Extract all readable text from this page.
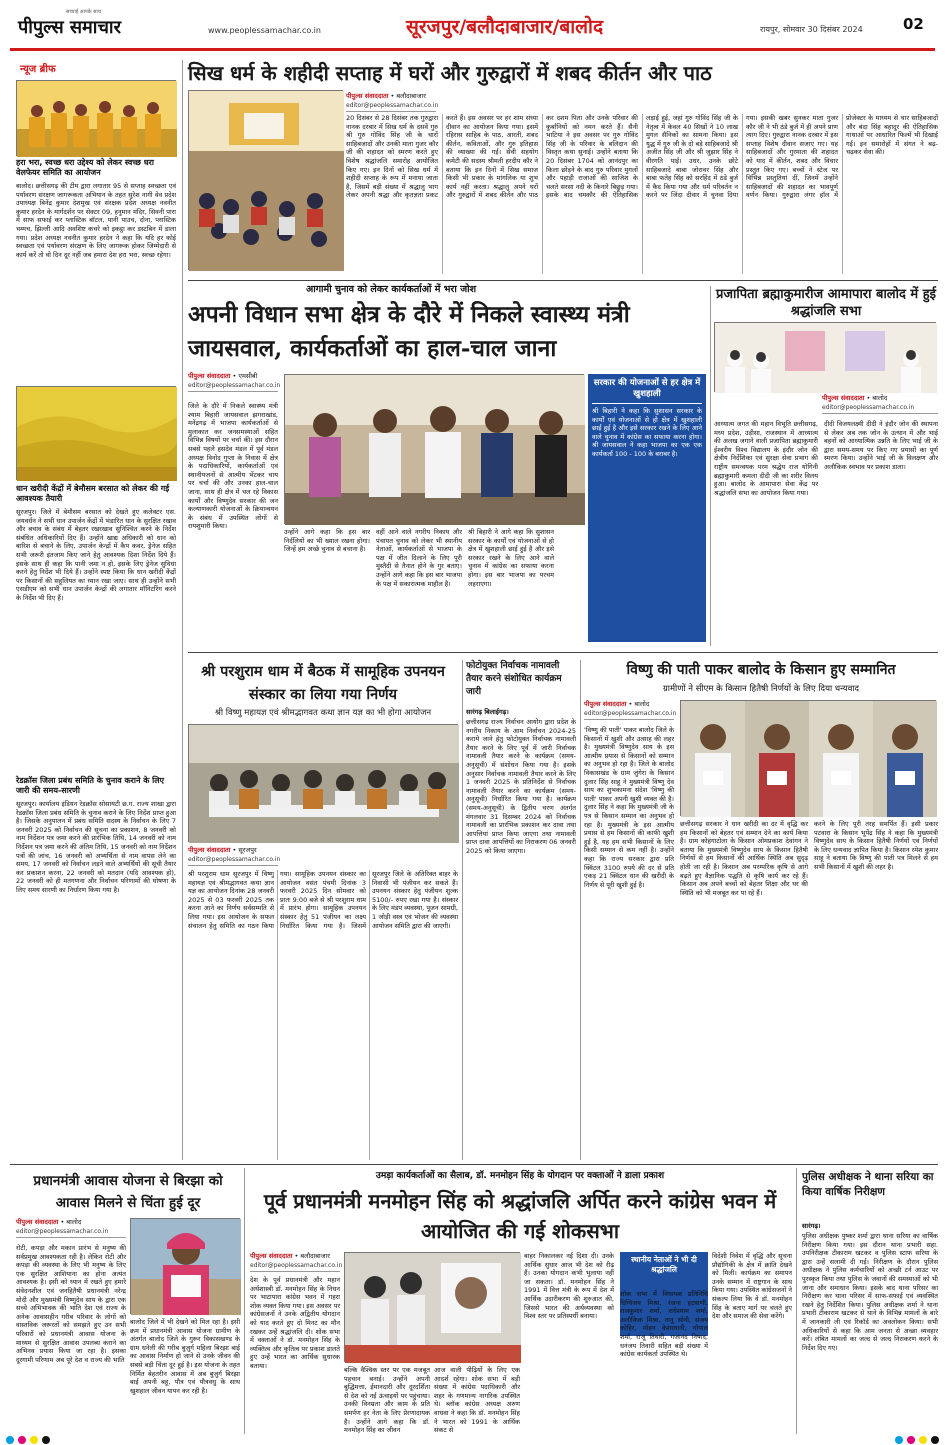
सच्चाई आपके साथ
पीपुल्स समाचार	www.peoplessamachar.co.in	सूरजपुर/बलौदाबाजार/बालोद	रायपुर, सोमवार 30 दिसंबर 2024	02
न्यूज ब्रीफ
हरा भरा, स्वच्छ धरा उद्देश्य को लेकर स्वच्छ धरा वेलफेयर समिति का आयोजन
बालोद। छत्तीसगढ़ की टीम द्वारा लगातार 95 से सप्ताह स्वच्छता एवं पर्यावरण संरक्षण जागरूकता अभियान के तहत सुरेश नागी वेव प्रदेश उपाध्यक्ष बिनेंद्र कुमार देशमुख एवं संरक्षक प्रदेश अध्यक्ष नवनीत कुमार हरदेन के मार्गदर्शन पर सेक्टर 09, हनुमान मंदिर, सिवनी पारा में साफ सफाई कर प्लास्टिक बॉटल, पानी पाउच, दोना, प्लास्टिक चम्मच, झिल्ली आदि अवशिष्ट कचरे को इकट्ठा कर डस्टबिन में डाला गया। प्रदेश अध्यक्ष नवनीत कुमार हरदेन ने कहा कि यदि हर कोई स्वच्छता एवं पर्यावरण संरक्षण के लिए जागरूक होकर जिम्मेदारी से कार्य करें तो वो दिन दूर नहीं जब हमारा देश हरा भरा, स्वच्छ रहेगा।
धान खरीदी केंद्रों में बेमौसम बरसात को लेकर की गई आवश्यक तैयारी
सूरजपुर। जिले में बेमौसम बरसात को देखते हुए कलेक्टर एस. जयवर्धन ने सभी धान उपार्जन केंद्रों में भंडारित धान के सुरक्षित रखाव और बचाव के संबंध में बेहतर रखरखाव सुनिश्चित करने के निर्देश संबंधित अधिकारियों दिए हैं। उन्होंने खाद्य अधिकारी को धान को बारिश से बचाने के लिए, उपार्जन केन्द्रों में कैप कवर, ड्रेनेज सहित सभी जरूरी इंतजाम किए जाने हेतु आवश्यक दिशा निर्देश दिये हैं। इसके साथ ही कहा कि पानी जमा न हो, इसके लिए ड्रेनेज सुविधा करने हेतु निर्देश भी दिये हैं। उन्होंने स्पष्ट किया कि धान खरीदी केंद्रों पर किसानों की सहूलियत का ध्यान रखा जाए। साथ ही उन्होंने सभी एसडीएम को सभी धान उपार्जन केन्द्रों की लगातार मॉनिटरिंग करने के निर्देश भी दिए हैं।
रेडक्रॉस जिला प्रबंध समिति के चुनाव कराने के लिए जारी की समय-सारणी
सूरजपुर। कार्यालय इंडियन रेडक्रॉस सोसायटी छ.ग. राज्य शाखा द्वारा रेडक्रॉस जिला प्रबंध समिति के चुनाव कराने के लिए निर्देश प्राप्त हुआ है। जिसके अनुपालन में प्रबंध समिति सदस्य के निर्वाचन के लिए 7 जनवरी 2025 को निर्वाचन की सूचना का प्रकाशन, 8 जनवरी को नाम निर्देशन पत्र जमा करने की प्रारंभिक तिथि, 14 जनवरी को नाम निर्देशन पत्र जमा करने की अंतिम तिथि, 15 जनवरी को नाम निर्देशन पत्रों की जांच, 16 जनवरी को अभ्यर्थिता से नाम वापस लेने का समय, 17 जनवरी को निर्वाचन लड़ने वाले अभ्यर्थियों की सूची तैयार कर प्रकाशन करना, 22 जनवरी को मतदान (यदि आवश्यक हो), 22 जनवरी को ही मतगणना और निर्वाचन परिणामों की घोषणा के लिए समय सारणी का निर्धारण किया गया है।
सिख धर्म के शहीदी सप्ताह में घरों और गुरुद्वारों में शबद कीर्तन और पाठ
पीपुल्स संवाददाता • बलौदाबाजार
editor@peoplessamachar.co.in
20 दिसंबर से 28 दिसंबर तक गुरुद्वारा नानक दरबार में सिख धर्म के दसवें गुरु श्री गुरु गोविंद सिंह जी के चारों साहिबजादों और उनकी माता गुजर कौर जी की शहादत को स्मरण करते हुए विशेष श्रद्धांजलि समारोह आयोजित किए गए। इन दिनों को सिख धर्म में शहीदी सप्ताह के रूप में मनाया जाता है, जिसमें बड़ी संख्या में श्रद्धालु भाग लेकर अपनी श्रद्धा और कृतज्ञता प्रकट करते हैं। इस अवसर पर हर शाम संध्या दीवान का आयोजन किया गया। इसमें रहिरास साहिब के पाठ, आरती, शबद कीर्तन, कविताओं, और गुरु इतिहास की व्याख्या की गई। सेवी सहयोग कमेटी की सदस्य श्रीमती हरदीप कौर ने बताया कि इन दिनों में सिख समाज किसी भी प्रकार के मांगलिक या शुभ कार्य नहीं करता। श्रद्धालु अपने घरों और गुरुद्वारों में शबद कीर्तन और पाठ कर दशम पिता और उनके परिवार की कुर्बानियों को नमन करते हैं। सैनी भाटिया ने इस अवसर पर गुरु गोविंद सिंह जी के परिवार के बलिदान की विस्तृत कथा सुनाई। उन्होंने बताया कि 20 दिसंबर 1704 को आनंदपुर का किला छोड़ने के बाद गुरु परिवार मुगलों और पहाड़ी राजाओं की साजिश के चलते सरसा नदी के किनारे बिछुड़ गया। इसके बाद चमकौर की ऐतिहासिक लड़ाई हुई, जहां गुरु गोविंद सिंह जी के नेतृत्व में केवल 40 सिखों ने 10 लाख मुगल सैनिकों का सामना किया। इस युद्ध में गुरु जी के दो बड़े साहिबजादे श्री अजीत सिंह जी और श्री जुझार सिंह ने वीरगति पाई। उधर, उनके छोटे साहिबजादे बाबा जोरावर सिंह और बाबा फतेह सिंह को सरहिंद में ठंडे बुर्ज में कैद किया गया और धर्म परिवर्तन न करने पर जिंदा दीवार में चुनवा दिया गया। इसकी खबर सुनकर माता गुजर कौर जी ने भी ठंडे बुर्ज में ही अपने प्राण त्याग दिए। गुरुद्वारा नानक दरबार में इस सप्ताह विशेष दीवान सजाए गए। यह साहिबजादों और गुरमाता की शहादत को याद में कीर्तन, शबद और विचार प्रस्तुत किए गए। बच्चों ने स्टेज पर विभिन्न प्रस्तुतियां दीं, जिनमें उन्होंने साहिबजादों की शहादत का भावपूर्ण वर्णन किया। गुरुद्वारा लंगर हॉल में प्रोजेक्टर के माध्यम से चार साहिबजादों और बंदा सिंह बहादुर की ऐतिहासिक गाथाओं पर आधारित फिल्में भी दिखाई गई। इन समारोहों में संगत ने बढ़-चढ़कर सेवा की।
आगामी चुनाव को लेकर कार्यकर्ताओं में भरा जोश
अपनी विधान सभा क्षेत्र के दौरे में निकले स्वास्थ्य मंत्री जायसवाल, कार्यकर्ताओं का हाल-चाल जाना
पीपुल्स संवाददाता • एमसीबी
editor@peoplessamachar.co.in
जिले के दौरे में निकले स्वास्थ्य मंत्री श्याम बिहारी जायसवाल झगराखांड, मनेंद्रगढ़ में भाजपा कार्यकर्ताओं से मुलाकात कर जनसमस्याओं सहित विभिन्न विषयों पर चर्चा की। इस दौरान सबसे पहले हसदेव मंडल में पूर्व मंडल अध्यक्ष विनोद गुप्ता के निवास में क्षेत्र के पदाधिकारियों, कार्यकर्ताओं एवं स्थानीयजनों से आत्मीय भेंटकर चाय पर चर्चा की और उनका हाल-चाल जाना, साथ ही क्षेत्र में चल रहे विकास कार्यों और विष्णुदेव सरकार की जन कल्याणकारी योजनाओं के क्रियान्वयन के संबंध में उपस्थित लोगों से रायशुमारी किया।
उन्होंने आगे कहा कि इस बार निर्दलियों का भी ख्याल रखना होगा। जिन्हें हम अच्छे चुनाव से बचाना है।
वहीं आने वाले नगरीय निकाय और पंचायत चुनाव को लेकर भी स्थानीय नेताओं, कार्यकर्ताओं से भाजपा के पक्ष में जीत दिलाने के लिए पूरी मुस्तैदी से तैनात होने के गुर बताए। उन्होंने आगे कहा कि इस बार भाजपा के पक्ष में सकारात्मक माहौल है।
श्री बिहारी ने आगे कहा कि सुशासन सरकार के कार्यों एवं योजनाओं से हो क्षेत्र में खुशहाली छाई हुई है और इसे सरकार रखने के लिए आने वाले चुनाव में कांग्रेस का सफाया करना होगा। इस बार भाजपा का परचम लहराएगा।
सरकार की योजनाओं से हर क्षेत्र में खुशहाली
श्री बिहारी ने कहा कि सुशासन सरकार के कार्यों एवं योजनाओं से हो क्षेत्र में खुशहाली छाई हुई है और इसे सरकार रखने के लिए आने वाले चुनाव में कांग्रेस का सफाया करना होगा। श्री जायसवाल ने कहा भाजपा का एक एक कार्यकर्ता 100 - 100 के बराबर है।
प्रजापिता ब्रह्माकुमारीज आमापारा बालोद में हुई श्रद्धांजलि सभा
पीपुल्स संवाददाता • बालोद
editor@peoplessamachar.co.in
आध्यात्म जगत की महान विभूति छत्तीसगढ़, मध्य प्रदेश, उड़ीसा, राजस्थान में आध्यात्म की अलख जगाने वाली प्रजापिता ब्रह्माकुमारी ईश्वरीय विश्व विद्यालय के इंदौर जोन की क्षेत्रीय निर्देशिका एवं सुरक्षा सेवा प्रभाग की राष्ट्रीय समन्वयक परम श्रद्धेय राज योगिनी ब्रह्माकुमारी कमला दीदी जी का शरीर विलय हुआ। बालोद के आमापारा सेवा केंद्र पर श्रद्धांजलि सभा का आयोजन किया गया।
दीदी विजयलक्ष्मी दीदी ने इंदौर जोन की स्थापना से लेकर अब तक जोन के उत्थान में और भाई बहनों को आध्यात्मिक उन्नति के लिए भाई जी के द्वारा समय-समय पर किए गए प्रयासों का पूर्ण स्मरण किया। उन्होंने भाई जी के विलक्षण और अलौकिक स्वभाव पर प्रकाश डाला।
श्री परशुराम धाम में बैठक में सामूहिक उपनयन संस्कार का लिया गया निर्णय
श्री विष्णु महायज्ञ एवं श्रीमद्भागवत कथा ज्ञान यज्ञ का भी होगा आयोजन
पीपुल्स संवाददाता • सूरजपुर
editor@peoplessamachar.co.in
श्री परशुराम धाम सूरजपुर में विष्णु महायज्ञ एवं श्रीमद्भागवत कथा ज्ञान यज्ञ का आयोजन दिनांक 28 जनवरी 2025 से 03 फरवरी 2025 तक करना आने का निर्णय सर्वसम्मति से लिया गया। इस आयोजन के सफल संचालन हेतु समिति का गठन किया गया। सामूहिक उपनयन संस्कार का आयोजन वसंत पंचमी दिनांक 3 फरवरी 2025 दिन सोमवार को प्रातः 9:00 बजे से श्री परशुराम धाम में प्रारंभ होगा। सामूहिक उपनयन संस्कार हेतु 51 पंजीयन का लक्ष्य निर्धारित किया गया है। जिसमें सूरजपुर जिले के अतिरिक्त बाहर के निवासी भी पंजीयन कर सकते हैं। उपनयन संस्कार हेतु पंजीयन शुल्क 5100/- रुपए रखा गया है। संस्कार के लिए मंडप व्यवस्था, पूजन सामग्री, 1 जोड़ी वस्त्र एवं भोजन की व्यवस्था आयोजन समिति द्वारा की जाएगी।
फोटोयुक्त निर्वाचक नामावली तैयार करने संशोधित कार्यक्रम जारी
सारंगढ़ बिलाईगढ़।
छत्तीसगढ़ राज्य निर्वाचन आयोग द्वारा प्रदेश के नगरीय निकाय के आम निर्वाचन 2024-25 कराये जाने हेतु फोटोयुक्त निर्वाचक नामावली तैयार करने के लिए पूर्व में जारी निर्वाचक नामावली तैयार करने के कार्यक्रम (समय-अनुसूची) में संशोधन किया गया है। इसके अनुसार निर्वाचक नामावली तैयार करने के लिए 1 जनवरी 2025 के प्रतिनिर्देश से निर्वाचक नामावली तैयार करने का कार्यक्रम (समय-अनुसूची) निर्धारित किया गया है। कार्यक्रम (समय-अनुसूची) के द्वितीय चरण अंतर्गत मंगलवार 31 दिसम्बर 2024 को निर्वाचक नामावली का प्रारंभिक प्रकाशन कर दावा तथा आपत्तियां प्राप्त किया जाएगा तथा नामावली प्राप्त दावा आपत्तियों का निराकरण 06 जनवरी 2025 को किया जाएगा।
विष्णु की पाती पाकर बालोद के किसान हुए सम्मानित
ग्रामीणों ने सीएम के किसान हितैषी निर्णयों के लिए दिया धन्यवाद
पीपुल्स संवाददाता • बालोद
editor@peoplessamachar.co.in
'विष्णु की पाती' पाकर बालोद जिले के किसानों में खुशी और उत्साह की लहर है। मुख्यमंत्री विष्णुदेव साय के इस आत्मीय प्रयास से किसानों को सम्मान का अनुभव हो रहा है। जिले के बालोद विकासखंड के ग्राम जुंगेरा के किसान दुलार सिंह साहू ने मुख्यमंत्री विष्णु देव साय का शुभकामना संदेश 'विष्णु की पाती' पाकर अपनी खुशी व्यक्त की है। दुलार सिंह ने कहा कि मुख्यमंत्री जी के पत्र से किसान सम्मान का अनुभव हो रहा है। मुख्यमंत्री के इस आत्मीय प्रयास से हम किसानों की काफी खुशी हुई है, यह हम सभी किसानों के लिए किसी सम्मान से कम नहीं है। उन्होंने कहा कि राज्य सरकार द्वारा प्रति क्विंटल 3100 रुपये की दर से प्रति एकड़ 21 क्विंटल धान की खरीदी के निर्णय से पूरी खुशी हुई है।
छत्तीसगढ़ सरकार ने धान खरीदी का दर में वृद्धि कर हम किसानों को बेहतर एवं सम्मान देने का कार्य किया है। ग्राम कोहंगाटोला के किसान ओमप्रकाश देवांगन ने बताया कि मुख्यमंत्री विष्णुदेव साय के किसान हितैषी निर्णयों से हम किसानों की आर्थिक स्थिति अब सुदृढ़ होती जा रही है। किसान अब परम्परिक कृषि से आगे बढ़ते हुए वैज्ञानिक पद्धति से कृषि कार्य कर रहे हैं। किसान अब अपने बच्चों को बेहतर शिक्षा और घर की स्थिति को भी मजबूत कर पा रहे हैं।
करने के लिए पूरी तरह समर्पित हैं। इसी प्रकार पटवारा के किसान भूपेंद्र सिंह ने कहा कि मुख्यमंत्री विष्णुदेव साय के किसान हितैषी निर्णयों एवं निर्णयों के लिए धन्यवाद ज्ञापित किया है। किसान रमेश कुमार साहू ने बताया कि विष्णु की पाती पत्र मिलने से हम सभी किसानों में खुशी की लहर है।
प्रधानमंत्री आवास योजना से बिरझा को आवास मिलने से चिंता हुई दूर
पीपुल्स संवाददाता • बालोद
editor@peoplessamachar.co.in
रोटी, कपड़ा और मकान प्रारंभ से मनुष्य की सर्वप्रमुख आवश्यकता रही है। लेकिन रोटी और कपड़ा की व्यवस्था के लिए भी मनुष्य के लिए एक सुरक्षित आशियाना का होना अत्यंत आवश्यक है। इसी को ध्यान में रखते हुए हमारे संवेदनशील एवं जनहितैषी प्रधानमंत्री नरेन्द्र मोदी और मुख्यमंत्री विष्णुदेव साय के द्वारा एक सच्चे अभिभावक की भांति देश एवं राज्य के अनेक आवासहीन गरीब परिवार के लोगों को वास्तविक जरूरतों को समझते हुए उन सभी परिवारों को प्रधानमंत्री आवास योजना के माध्यम से सुरक्षित आवास उपलब्ध कराने का अभिनव प्रयास किया जा रहा है। इसका दूरगामी परिणाम अब पूरे देश व राज्य की भांति
बालोद जिले में भी देखने को मिल रहा है। इसी क्रम में प्रधानमंत्री आवास योजना ग्रामीण के अंतर्गत बालोद जिले के गुरूर विकासखण्ड के ग्राम धनेली की गरीब बुजुर्ग महिला बिरझा बाई का आवास निर्माण हो जाने से उनके जीवन की सबसे बड़ी चिंता दूर हुई है। इस योजना के तहत निर्मित बेहतरीन आवास में अब बुजुर्ग बिरझा बाई अपनी बहू, पौत्र एवं पौत्रवधु के साथ खुशहाल जीवन यापन कर रही है।
उमड़ा कार्यकर्ताओं का सैलाब, डॉ. मनमोहन सिंह के योगदान पर वक्ताओं ने डाला प्रकाश
पूर्व प्रधानमंत्री मनमोहन सिंह को श्रद्धांजलि अर्पित करने कांग्रेस भवन में आयोजित की गई शोकसभा
पीपुल्स संवाददाता • बलौदाबाजार
editor@peoplessamachar.co.in
देश के पूर्व प्रधानमंत्री और महान अर्थशास्त्री डॉ. मनमोहन सिंह के निधन पर भाटापारा कांग्रेस भवन में गहरा शोक व्यक्त किया गया। इस अवसर पर कांग्रेसजनों ने उनके अद्वितीय योगदान को याद करते हुए दो मिनट का मौन रखकर उन्हें श्रद्धांजलि दी। शोक सभा में वक्ताओं ने डॉ. मनमोहन सिंह के व्यक्तित्व और कृतित्व पर प्रकाश डालते हुए उन्हें भारत का आर्थिक सुधारक बताया।
बल्कि वैश्विक स्तर पर एक मजबूत पहचान बनाई। उन्होंने अपनी बुद्धिमत्ता, ईमानदारी और दूरदर्शिता से देश को नई ऊंचाइयों पर पहुंचाया। उनकी विनम्रता और काम के प्रति समर्पण हर नेता के लिए प्रेरणादायक है। उन्होंने आगे कहा कि डॉ. मनमोहन सिंह का जीवन
आज वाली पीढ़ियों के लिए एक आदर्श रहेगा। शोक सभा में बड़ी संख्या में कांग्रेस पदाधिकारी और शहर के गणमान्य नागरिक उपस्थित थे। ब्लॉक कांग्रेस अध्यक्ष अरुण वाधवा ने कहा कि डॉ. मनमोहन सिंह ने भारत को 1991 के आर्थिक संकट से
बाहर निकालकर नई दिशा दी। उनके आर्थिक सुधार आज भी देश को रीढ़ हैं। उनका योगदान कभी भुलाया नहीं जा सकता। डॉ. मनमोहन सिंह ने 1991 में वित्त मंत्री के रूप में देश में आर्थिक उदारीकरण की शुरुआत की, जिससे भारत की अर्थव्यवस्था को विश्व स्तर पर प्रतिस्पर्धी बनाया।
स्थानीय नेताओं ने भी दी श्रद्धांजलि
शोक सभा में विधायक प्रतिनिधि दिग्विजय मिश्रा, रंजना हटवाणी, राजकुमार शर्मा, राधेश्याम शर्मा, अलौकिक मिश्रा, नानू सोनी, संजय कोहिर, मोहन केशरवानी, गोपाल शर्मा, राजू तिवारी, गजानंद निषाद, धनंजय तिवारी सहित बड़ी संख्या में कांग्रेस कार्यकर्ता उपस्थित थे।
विदेशी निवेश में वृद्धि और सूचना प्रौद्योगिकी के क्षेत्र में क्रांति देखने को मिली। कार्यक्रम का समापन उनके सम्मान में राष्ट्रगान के साथ किया गया। उपस्थित कांग्रेसजनों ने संकल्प लिया कि वे डॉ. मनमोहन सिंह के बताए मार्ग पर चलते हुए देश और समाज की सेवा करेंगे।
पुलिस अधीक्षक ने थाना सरिया का किया वार्षिक निरीक्षण
सारंगढ़।
पुलिस अधीक्षक पुष्कर शर्मा द्वारा थाना सरिया का वार्षिक निरीक्षण किया गया। इस दौरान थाना प्रभारी सहा. उपनिरीक्षक टीकाराम खटकर व पुलिस स्टाफ सरिया के द्वारा उन्हें सलामी दी गई। निरीक्षण के दौरान पुलिस अधीक्षक ने पुलिस कर्मचारियों को अच्छी टर्न आउट पर पुरस्कृत किया तथा पुलिस के जवानों की समस्याओं को भी जाना और समाधान किया। इसके बाद थाना परिसर का निरीक्षण कर थाना परिसर में साफ-सफाई एवं व्यवस्थित रखने हेतु निर्देशित किया। पुलिस अधीक्षक शर्मा ने थाना प्रभारी टीकाराम खटकर से थाने के विभिन्न मामलों के बारे में जानकारी ली एवं रिकॉर्ड का अवलोकन किया। सभी अधिकारियों से कहा कि आम जनता से अच्छा व्यवहार करें। लंबित मामलों का जल्द से जल्द निराकरण करने के निर्देश दिए गए।
